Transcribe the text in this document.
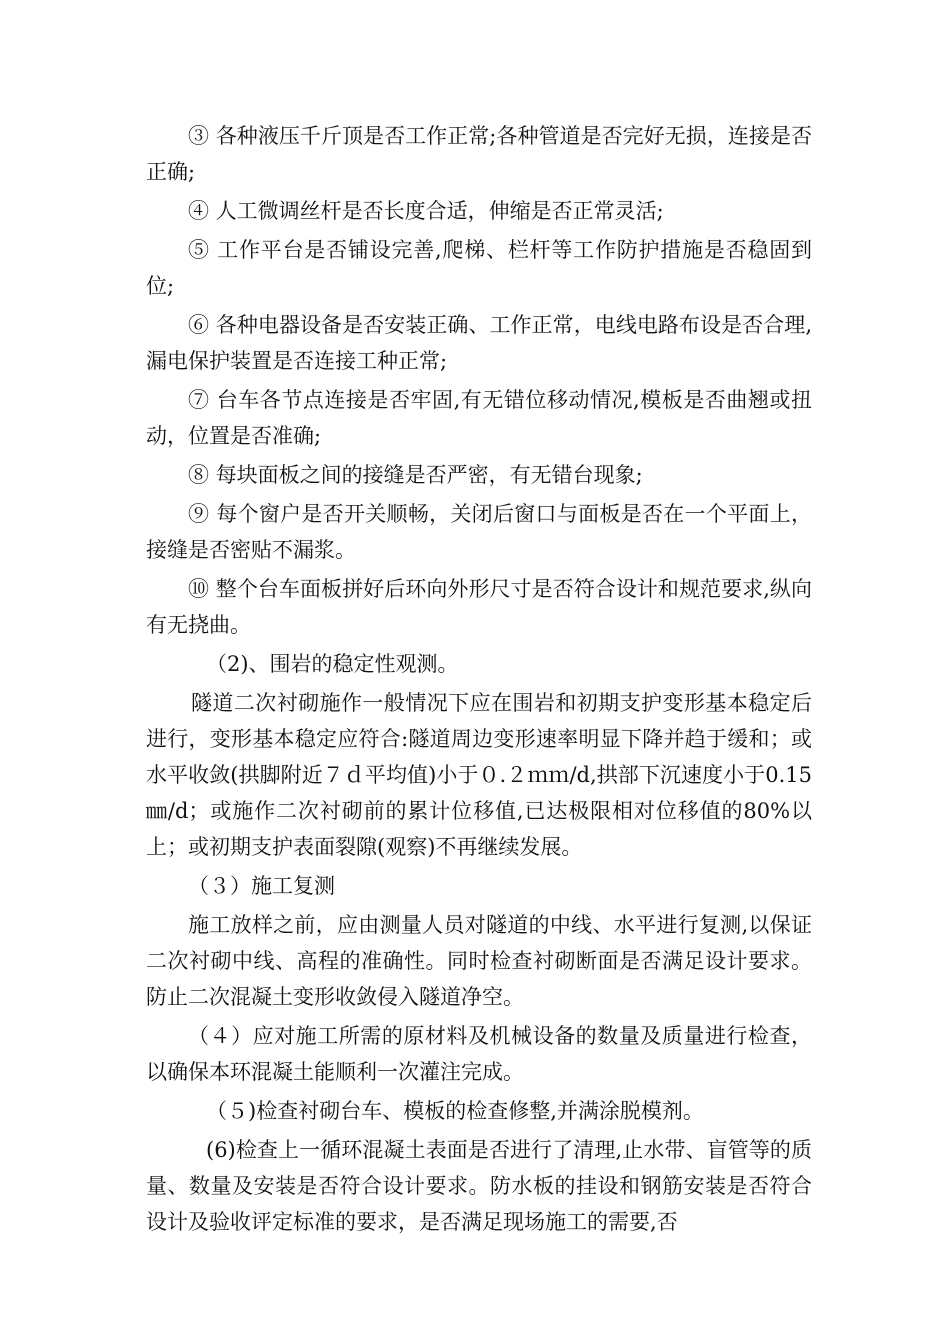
③ 各种液压千斤顶是否工作正常;各种管道是否完好无损，连接是否正确;

④ 人工微调丝杆是否长度合适，伸缩是否正常灵活;

⑤ 工作平台是否铺设完善,爬梯、栏杆等工作防护措施是否稳固到位;

⑥ 各种电器设备是否安装正确、工作正常，电线电路布设是否合理,漏电保护装置是否连接工种正常;

⑦ 台车各节点连接是否牢固,有无错位移动情况,模板是否曲翘或扭动，位置是否准确;

⑧ 每块面板之间的接缝是否严密，有无错台现象;

⑨ 每个窗户是否开关顺畅，关闭后窗口与面板是否在一个平面上，接缝是否密贴不漏浆。

⑩ 整个台车面板拼好后环向外形尺寸是否符合设计和规范要求,纵向有无挠曲。

（2)、围岩的稳定性观测。

隧道二次衬砌施作一般情况下应在围岩和初期支护变形基本稳定后进行，变形基本稳定应符合:隧道周边变形速率明显下降并趋于缓和；或水平收敛(拱脚附近７ｄ平均值)小于０.２ｍｍ/d,拱部下沉速度小于0.15㎜/d；或施作二次衬砌前的累计位移值,已达极限相对位移值的80%以上；或初期支护表面裂隙(观察)不再继续发展。

（３）施工复测

施工放样之前，应由测量人员对隧道的中线、水平进行复测,以保证二次衬砌中线、高程的准确性。同时检查衬砌断面是否满足设计要求。防止二次混凝土变形收敛侵入隧道净空。

（４）应对施工所需的原材料及机械设备的数量及质量进行检查，以确保本环混凝土能顺利一次灌注完成。

（５)检查衬砌台车、模板的检查修整,并满涂脱模剂。

(6)检查上一循环混凝土表面是否进行了清理,止水带、盲管等的质量、数量及安装是否符合设计要求。防水板的挂设和钢筋安装是否符合设计及验收评定标准的要求，是否满足现场施工的需要,否
